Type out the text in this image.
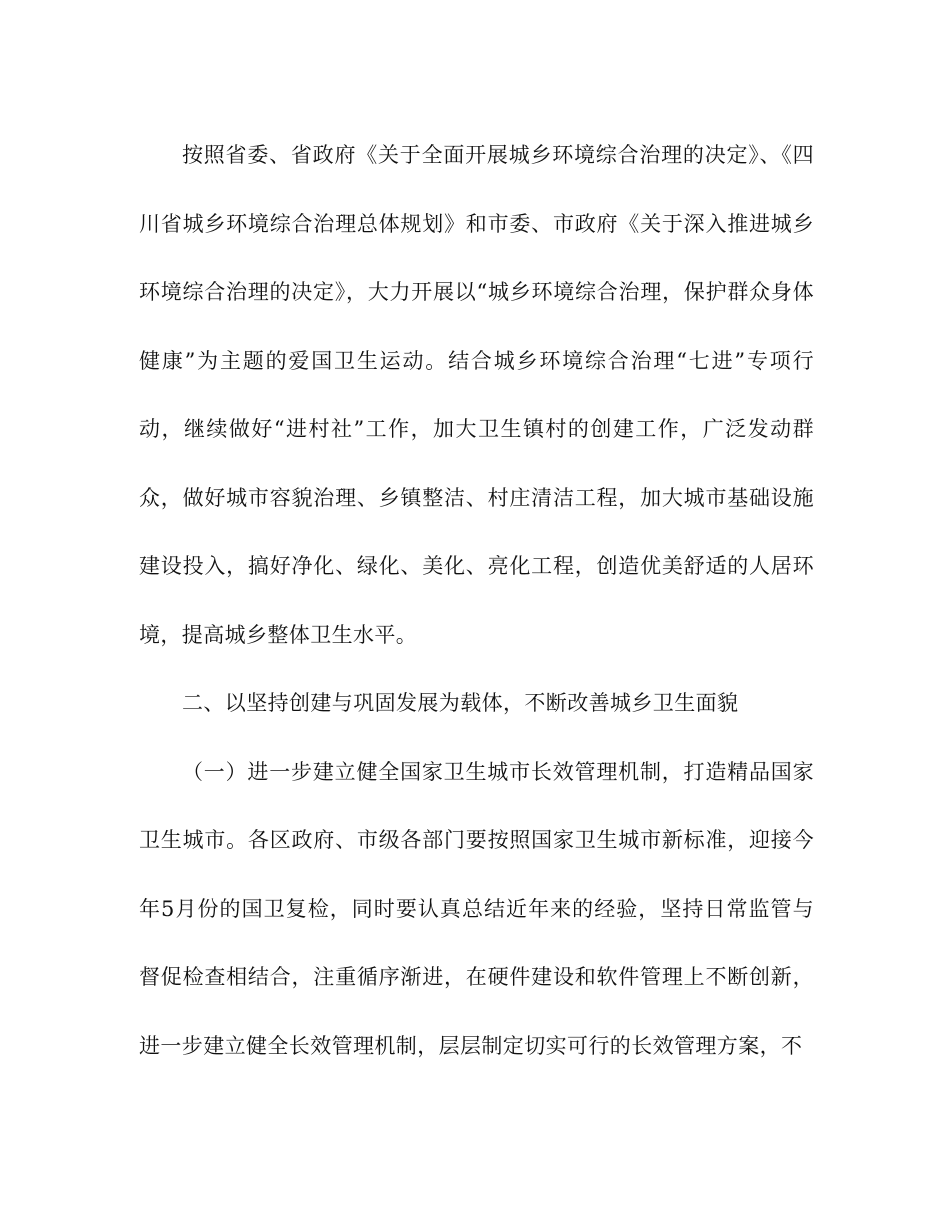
按照省委、省政府《关于全面开展城乡环境综合治理的决定》、《四川省城乡环境综合治理总体规划》和市委、市政府《关于深入推进城乡环境综合治理的决定》，大力开展以“城乡环境综合治理，保护群众身体健康”为主题的爱国卫生运动。结合城乡环境综合治理“七进”专项行动，继续做好“进村社”工作，加大卫生镇村的创建工作，广泛发动群众，做好城市容貌治理、乡镇整洁、村庄清洁工程，加大城市基础设施建设投入，搞好净化、绿化、美化、亮化工程，创造优美舒适的人居环境，提高城乡整体卫生水平。

二、以坚持创建与巩固发展为载体，不断改善城乡卫生面貌

（一）进一步建立健全国家卫生城市长效管理机制，打造精品国家卫生城市。各区政府、市级各部门要按照国家卫生城市新标准，迎接今年5月份的国卫复检，同时要认真总结近年来的经验，坚持日常监管与督促检查相结合，注重循序渐进，在硬件建设和软件管理上不断创新，进一步建立健全长效管理机制，层层制定切实可行的长效管理方案，不
